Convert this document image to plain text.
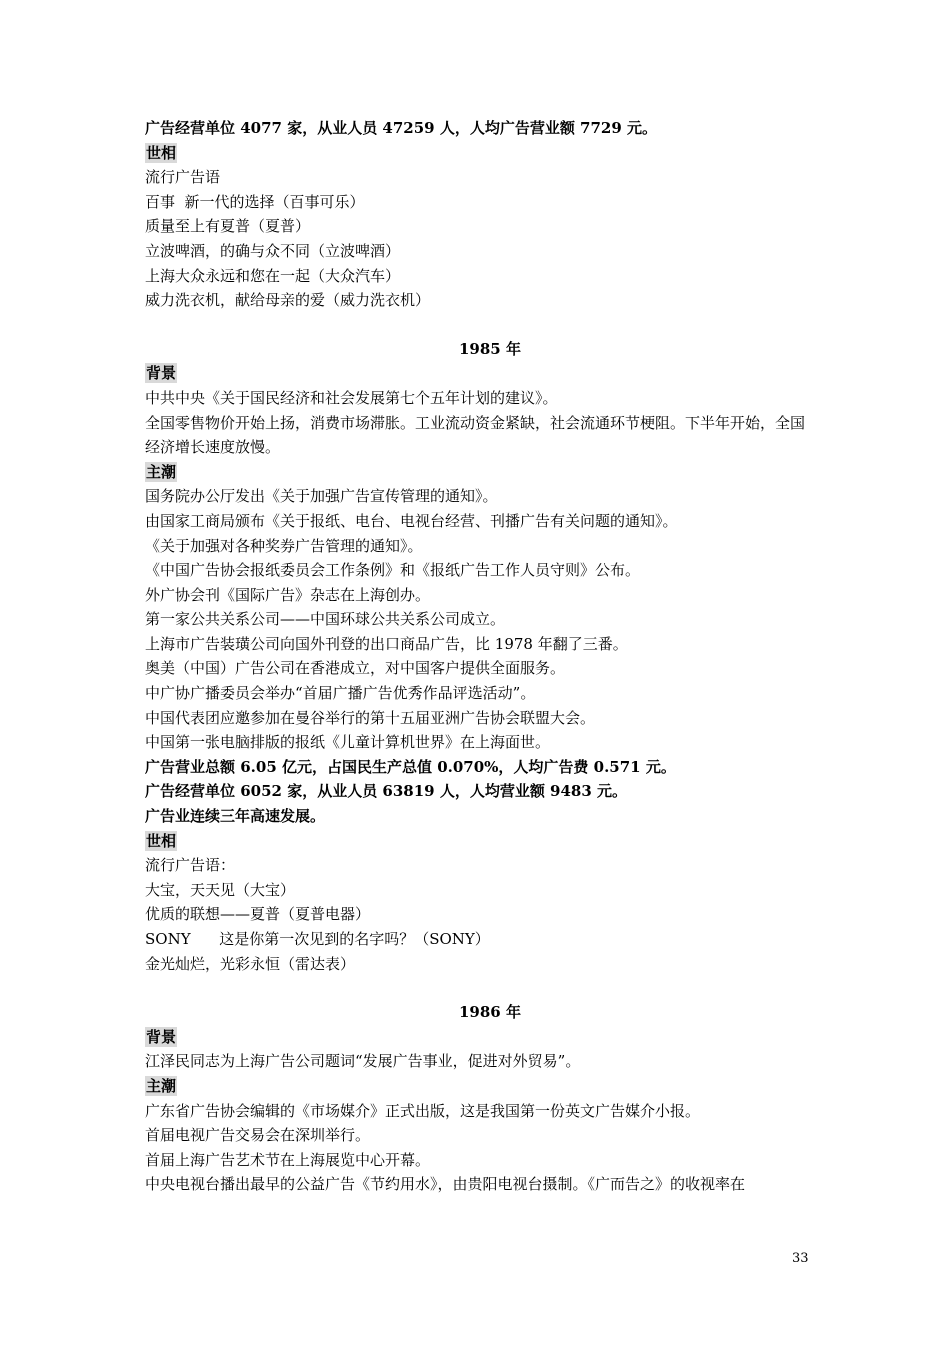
广告经营单位 4077 家，从业人员 47259 人，人均广告营业额 7729 元。
世相
流行广告语
百事  新一代的选择（百事可乐）
质量至上有夏普（夏普）
立波啤酒，的确与众不同（立波啤酒）
上海大众永远和您在一起（大众汽车）
威力洗衣机，献给母亲的爱（威力洗衣机）
1985 年
背景
中共中央《关于国民经济和社会发展第七个五年计划的建议》。
全国零售物价开始上扬，消费市场滞胀。工业流动资金紧缺，社会流通环节梗阻。下半年开始，全国经济增长速度放慢。
主潮
国务院办公厅发出《关于加强广告宣传管理的通知》。
由国家工商局颁布《关于报纸、电台、电视台经营、刊播广告有关问题的通知》。
《关于加强对各种奖券广告管理的通知》。
《中国广告协会报纸委员会工作条例》和《报纸广告工作人员守则》公布。
外广协会刊《国际广告》杂志在上海创办。
第一家公共关系公司——中国环球公共关系公司成立。
上海市广告装璜公司向国外刊登的出口商品广告，比 1978 年翻了三番。
奥美（中国）广告公司在香港成立，对中国客户提供全面服务。
中广协广播委员会举办“首届广播广告优秀作品评选活动”。
中国代表团应邀参加在曼谷举行的第十五届亚洲广告协会联盟大会。
中国第一张电脑排版的报纸《儿童计算机世界》在上海面世。
广告营业总额 6.05 亿元，占国民生产总值 0.070%，人均广告费 0.571 元。
广告经营单位 6052 家，从业人员 63819 人，人均营业额 9483 元。
广告业连续三年高速发展。
世相
流行广告语：
大宝，天天见（大宝）
优质的联想——夏普（夏普电器）
SONY      这是你第一次见到的名字吗？（SONY）
金光灿烂，光彩永恒（雷达表）
1986 年
背景
江泽民同志为上海广告公司题词“发展广告事业，促进对外贸易”。
主潮
广东省广告协会编辑的《市场媒介》正式出版，这是我国第一份英文广告媒介小报。
首届电视广告交易会在深圳举行。
首届上海广告艺术节在上海展览中心开幕。
中央电视台播出最早的公益广告《节约用水》，由贵阳电视台摄制。《广而告之》的收视率在
33
